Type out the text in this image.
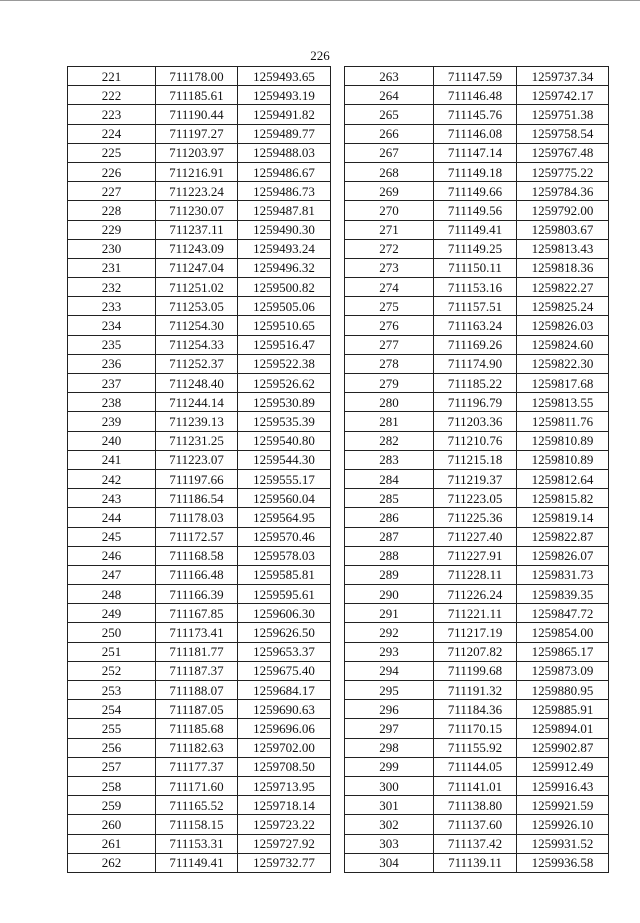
226
221	711178.00	1259493.65
222	711185.61	1259493.19
223	711190.44	1259491.82
224	711197.27	1259489.77
225	711203.97	1259488.03
226	711216.91	1259486.67
227	711223.24	1259486.73
228	711230.07	1259487.81
229	711237.11	1259490.30
230	711243.09	1259493.24
231	711247.04	1259496.32
232	711251.02	1259500.82
233	711253.05	1259505.06
234	711254.30	1259510.65
235	711254.33	1259516.47
236	711252.37	1259522.38
237	711248.40	1259526.62
238	711244.14	1259530.89
239	711239.13	1259535.39
240	711231.25	1259540.80
241	711223.07	1259544.30
242	711197.66	1259555.17
243	711186.54	1259560.04
244	711178.03	1259564.95
245	711172.57	1259570.46
246	711168.58	1259578.03
247	711166.48	1259585.81
248	711166.39	1259595.61
249	711167.85	1259606.30
250	711173.41	1259626.50
251	711181.77	1259653.37
252	711187.37	1259675.40
253	711188.07	1259684.17
254	711187.05	1259690.63
255	711185.68	1259696.06
256	711182.63	1259702.00
257	711177.37	1259708.50
258	711171.60	1259713.95
259	711165.52	1259718.14
260	711158.15	1259723.22
261	711153.31	1259727.92
262	711149.41	1259732.77
263	711147.59	1259737.34
264	711146.48	1259742.17
265	711145.76	1259751.38
266	711146.08	1259758.54
267	711147.14	1259767.48
268	711149.18	1259775.22
269	711149.66	1259784.36
270	711149.56	1259792.00
271	711149.41	1259803.67
272	711149.25	1259813.43
273	711150.11	1259818.36
274	711153.16	1259822.27
275	711157.51	1259825.24
276	711163.24	1259826.03
277	711169.26	1259824.60
278	711174.90	1259822.30
279	711185.22	1259817.68
280	711196.79	1259813.55
281	711203.36	1259811.76
282	711210.76	1259810.89
283	711215.18	1259810.89
284	711219.37	1259812.64
285	711223.05	1259815.82
286	711225.36	1259819.14
287	711227.40	1259822.87
288	711227.91	1259826.07
289	711228.11	1259831.73
290	711226.24	1259839.35
291	711221.11	1259847.72
292	711217.19	1259854.00
293	711207.82	1259865.17
294	711199.68	1259873.09
295	711191.32	1259880.95
296	711184.36	1259885.91
297	711170.15	1259894.01
298	711155.92	1259902.87
299	711144.05	1259912.49
300	711141.01	1259916.43
301	711138.80	1259921.59
302	711137.60	1259926.10
303	711137.42	1259931.52
304	711139.11	1259936.58
